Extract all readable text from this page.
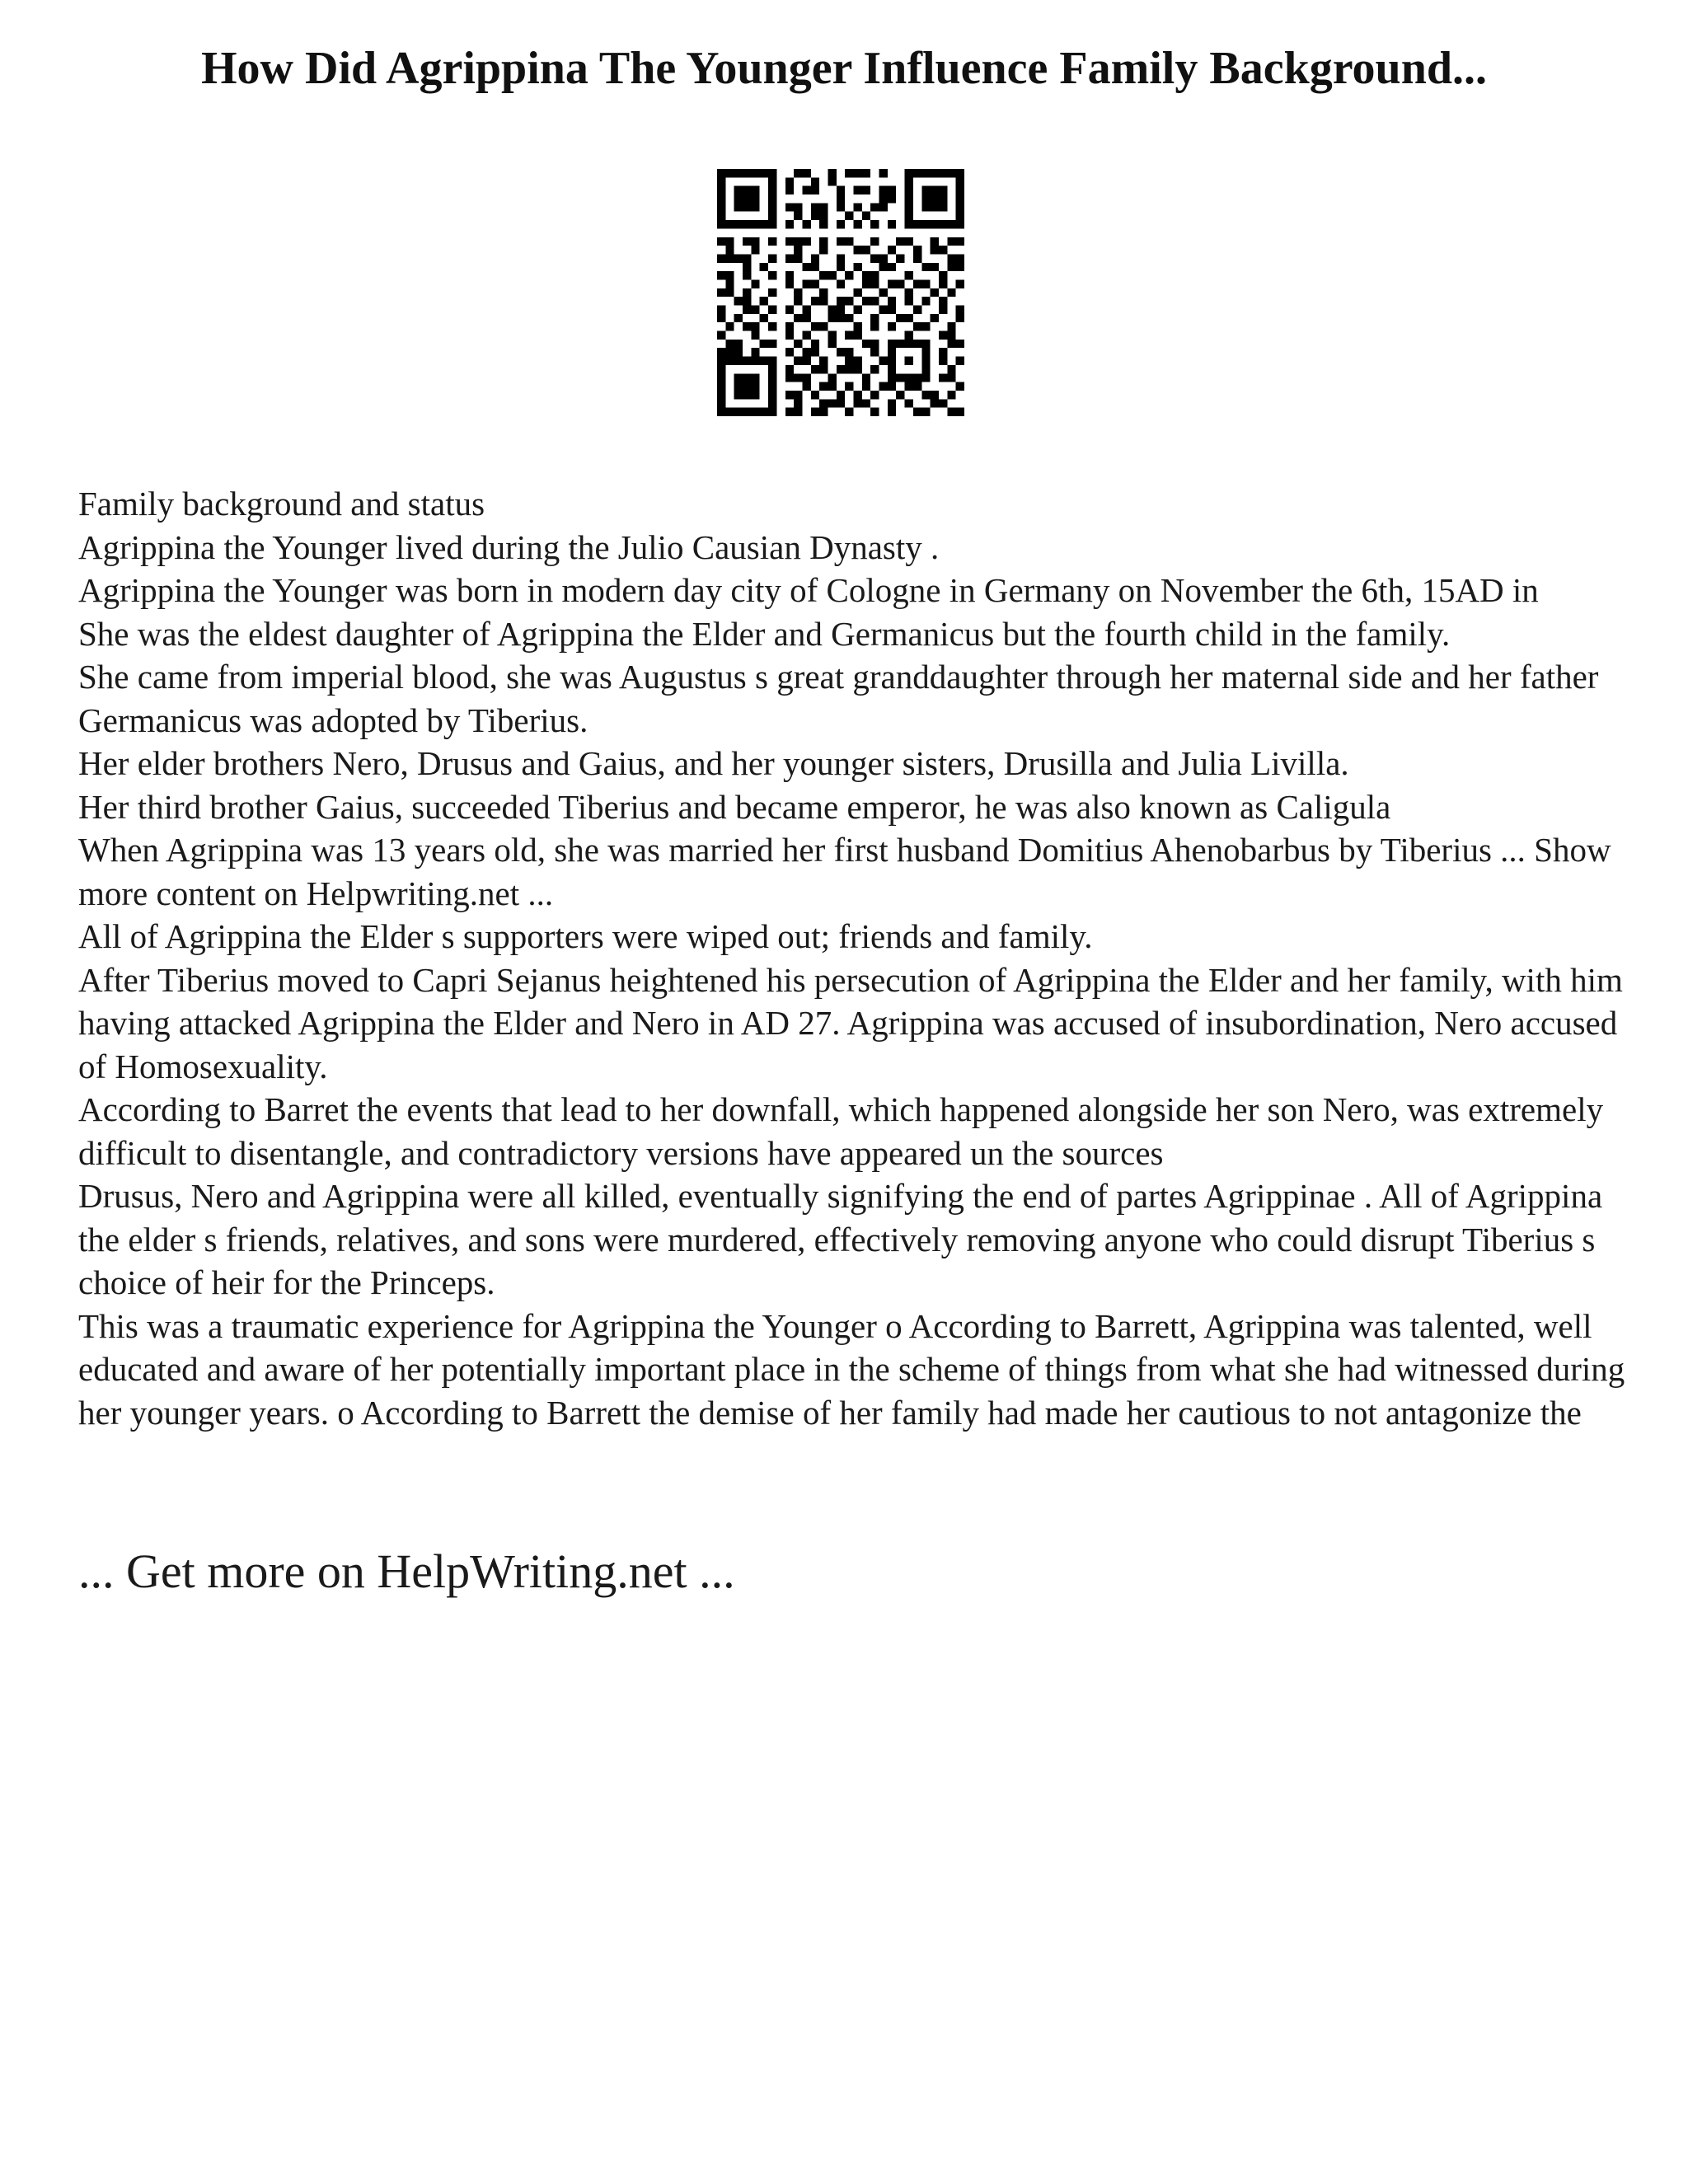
How Did Agrippina The Younger Influence Family Background...

Family background and status

Agrippina the Younger lived during the Julio Causian Dynasty .

Agrippina the Younger was born in modern day city of Cologne in Germany on November the 6th, 15AD in

She was the eldest daughter of Agrippina the Elder and Germanicus but the fourth child in the family.

She came from imperial blood, she was Augustus s great granddaughter through her maternal side and her father Germanicus was adopted by Tiberius.

Her elder brothers Nero, Drusus and Gaius, and her younger sisters, Drusilla and Julia Livilla.

Her third brother Gaius, succeeded Tiberius and became emperor, he was also known as Caligula

When Agrippina was 13 years old, she was married her first husband Domitius Ahenobarbus by Tiberius ... Show more content on Helpwriting.net ...

All of Agrippina the Elder s supporters were wiped out; friends and family.

After Tiberius moved to Capri Sejanus heightened his persecution of Agrippina the Elder and her family, with him having attacked Agrippina the Elder and Nero in AD 27. Agrippina was accused of insubordination, Nero accused of Homosexuality.

According to Barret the events that lead to her downfall, which happened alongside her son Nero, was extremely difficult to disentangle, and contradictory versions have appeared un the sources

Drusus, Nero and Agrippina were all killed, eventually signifying the end of partes Agrippinae . All of Agrippina the elder s friends, relatives, and sons were murdered, effectively removing anyone who could disrupt Tiberius s choice of heir for the Princeps.

This was a traumatic experience for Agrippina the Younger o According to Barrett, Agrippina was talented, well educated and aware of her potentially important place in the scheme of things from what she had witnessed during her younger years. o According to Barrett the demise of her family had made her cautious to not antagonize the

... Get more on HelpWriting.net ...
